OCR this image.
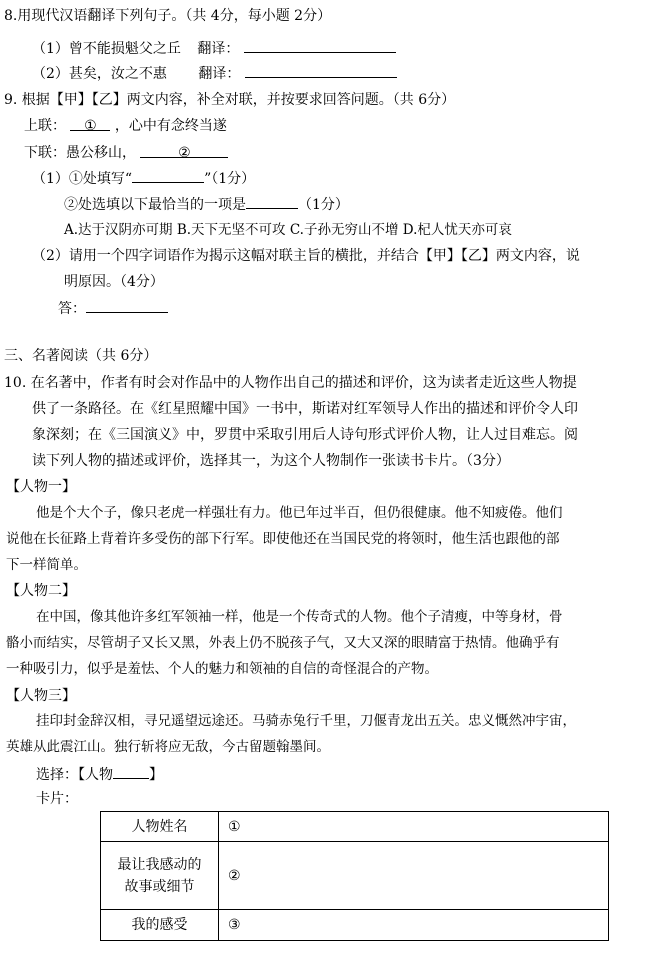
8.用现代汉语翻译下列句子。（共 4分，每小题 2分）
（1）曾不能损魁父之丘 翻译：
（2）甚矣，汝之不惠 翻译：
9. 根据【甲】【乙】两文内容，补全对联，并按要求回答问题。（共 6分）
上联： ① ，心中有念终当遂
下联：愚公移山，	②
（1）①处填写“	”（1分）
②处选填以下最恰当的一项是	（1分）
A.达于汉阴亦可期 B.天下无坚不可攻 C.子孙无穷山不增 D.杞人忧天亦可哀
（2）请用一个四字词语作为揭示这幅对联主旨的横批，并结合【甲】【乙】两文内容，说
明原因。（4分）
答：
三、名著阅读（共 6分）
10. 在名著中，作者有时会对作品中的人物作出自己的描述和评价，这为读者走近这些人物提
供了一条路径。在《红星照耀中国》一书中，斯诺对红军领导人作出的描述和评价令人印
象深刻；在《三国演义》中，罗贯中采取引用后人诗句形式评价人物，让人过目难忘。阅
读下列人物的描述或评价，选择其一，为这个人物制作一张读书卡片。（3分）
【人物一】
他是个大个子，像只老虎一样强壮有力。他已年过半百，但仍很健康。他不知疲倦。他们
说他在长征路上背着许多受伤的部下行军。即使他还在当国民党的将领时，他生活也跟他的部
下一样简单。
【人物二】
在中国，像其他许多红军领袖一样，他是一个传奇式的人物。他个子清瘦，中等身材，骨
骼小而结实，尽管胡子又长又黑，外表上仍不脱孩子气，又大又深的眼睛富于热情。他确乎有
一种吸引力，似乎是羞怯、个人的魅力和领袖的自信的奇怪混合的产物。
【人物三】
挂印封金辞汉相，寻兄遥望远途还。马骑赤兔行千里，刀偃青龙出五关。忠义慨然冲宇宙，
英雄从此震江山。独行斩将应无敌，今古留题翰墨间。
选择：【人物	】
卡片：
人物姓名	①

最让我感动的
故事或细节	②
我的感受	③
